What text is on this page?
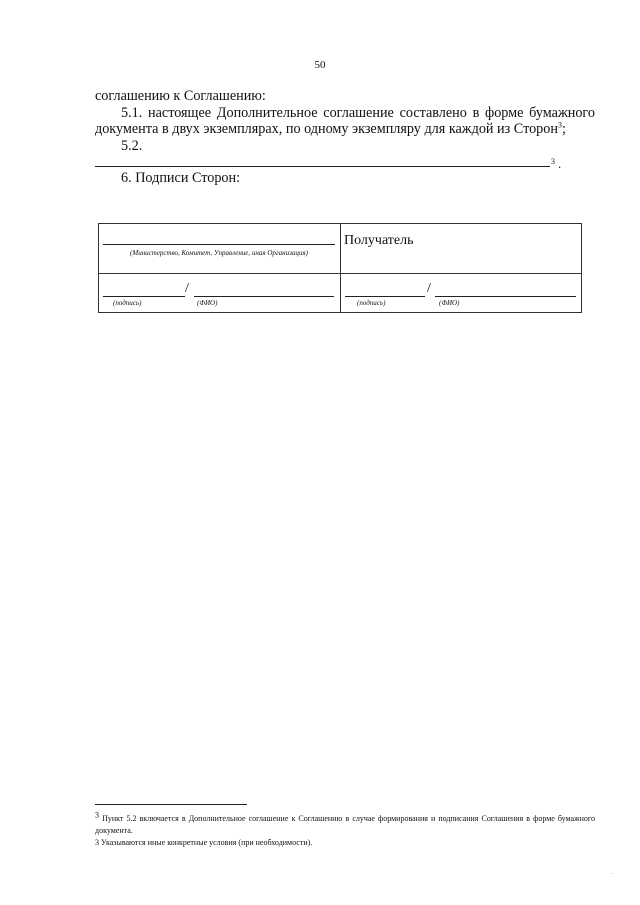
50

соглашению к Соглашению:

5.1. настоящее Дополнительное соглашение составлено в форме бумажного документа в двух экземплярах, по одному экземпляру для каждой из Сторон$^3$;

5.2.

3 .

6. Подписи Сторон:

(Министерство, Комитет, Управление, иная Организация)
Получатель
/
(подпись)	(ФИО)
/
(подпись)	(ФИО)

$^3$ Пункт 5.2 включается в Дополнительное соглашение к Соглашению в случае формирования и подписания Соглашения в форме бумажного документа.

3 Указываются иные конкретные условия (при необходимости).

·
